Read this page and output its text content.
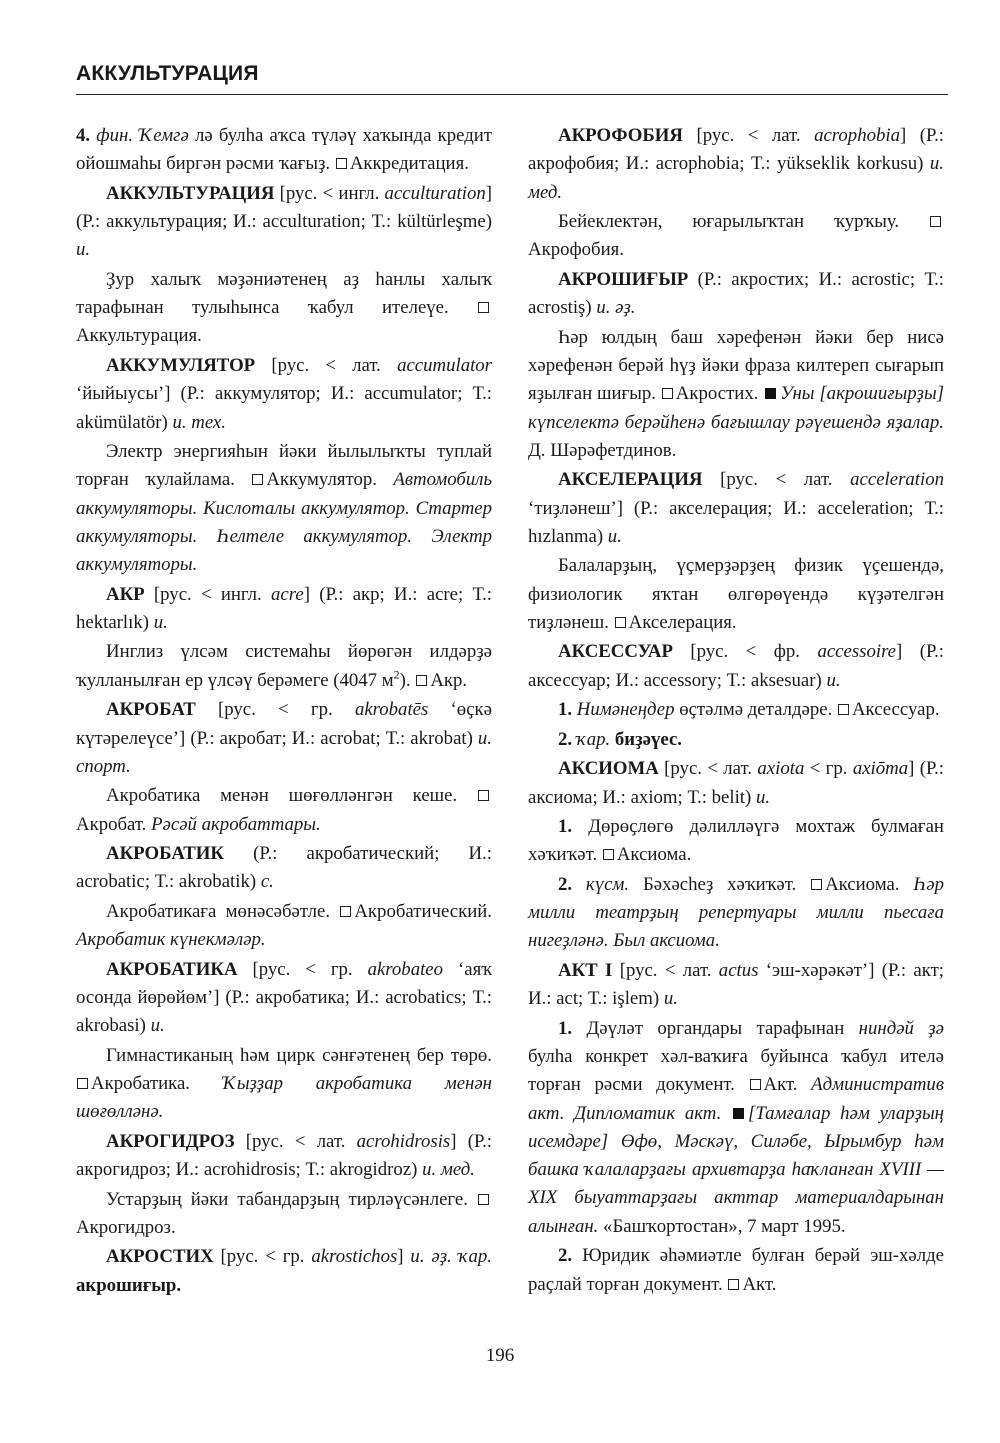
АККУЛЬТУРАЦИЯ

4. фин. Ҡемгә лә булһа аҡса түләү хаҡында кредит ойошмаһы биргән рәсми ҡағыҙ. Аккредитация.

АККУЛЬТУРАЦИЯ [рус. < ингл. acculturation] (Р.: аккультурация; И.: acculturation; Т.: kültürleşme) и.

Ҙур халыҡ мәҙәниәтенең аҙ һанлы халыҡ тарафынан тулыһынса ҡабул ителеүе. Аккультурация.

АККУМУЛЯТОР [рус. < лат. accumulator ‘йыйыусы’] (Р.: аккумулятор; И.: accumulator; Т.: akümülatör) и. тех.

Электр энергияһын йәки йылылыҡты туплай торған ҡулайлама. Аккумулятор. Автомобиль аккумуляторы. Кислоталы аккумулятор. Стартер аккумуляторы. Һелтеле аккумулятор. Электр аккумуляторы.

АКР [рус. < ингл. acre] (Р.: акр; И.: acre; Т.: hektarlık) и.

Инглиз үлсәм системаһы йөрөгән илдәрҙә ҡулланылған ер үлсәү берәмеге (4047 $м^2$). Акр.

АКРОБАТ [рус. < гр. akrobatēs ‘өҫкә күтәрелеүсе’] (Р.: акробат; И.: acrobat; Т.: akrobat) и. спорт.

Акробатика менән шөғөлләнгән кеше. Акробат. Рәсәй акробаттары.

АКРОБАТИК (Р.: акробатический; И.: acrobatic; Т.: akrobatik) с.

Акробатикаға мөнәсәбәтле. Акробатический. Акробатик күнекмәләр.

АКРОБАТИКА [рус. < гр. akrobateo ‘аяҡ осонда йөрөйөм’] (Р.: акробатика; И.: acrobatics; Т.: akrobasi) и.

Гимнастиканың һәм цирк сәнғәтенең бер төрө. Акробатика. Ҡыҙҙар акробатика менән шөғөлләнә.

АКРОГИДРОЗ [рус. < лат. acrohidrosis] (Р.: акрогидроз; И.: acrohidrosis; Т.: akrogidroz) и. мед.

Устарҙың йәки табандарҙың тирләүсәнлеге. Акрогидроз.

АКРОСТИХ [рус. < гр. akrostichos] и. әҙ. ҡар. акрошиғыр.

АКРОФОБИЯ [рус. < лат. acrophobia] (Р.: акрофобия; И.: acrophobia; Т.: yükseklik korkusu) и. мед.

Бейеклектән, юғарылыҡтан ҡурҡыу. Акрофобия.

АКРОШИҒЫР (Р.: акростих; И.: acrostic; Т.: acrostiş) и. әҙ.

Һәр юлдың баш хәрефенән йәки бер нисә хәрефенән берәй һүҙ йәки фраза килтереп сығарып яҙылған шиғыр. Акростих. Уны [акрошиғырҙы] күпселектә берәйһенә бағышлау рәүешендә яҙалар. Д. Шәрәфетдинов.

АКСЕЛЕРАЦИЯ [рус. < лат. acceleration ‘тиҙләнеш’] (Р.: акселерация; И.: acceleration; Т.: hızlanma) и.

Балаларҙың, үҫмерҙәрҙең физик үҫешендә, физиологик яҡтан өлгөрөүендә күҙәтелгән тиҙләнеш. Акселерация.

АКСЕССУАР [рус. < фр. accessoire] (Р.: аксессуар; И.: accessory; Т.: aksesuar) и.

1. Нимәнеңдер өҫтәлмә деталдәре. Аксессуар.

2. ҡар. биҙәүес.

АКСИОМА [рус. < лат. axiota < гр. axiōma] (Р.: аксиома; И.: axiom; Т.: belit) и.

1. Дөрөҫлөгө дәлилләүгә мохтаж булмаған хәҡиҡәт. Аксиома.

2. күсм. Бәхәсһеҙ хәҡиҡәт. Аксиома. Һәр милли театрҙың репертуары милли пьесаға нигеҙләнә. Был аксиома.

АКТ I [рус. < лат. actus ‘эш-хәрәкәт’] (Р.: акт; И.: act; Т.: işlem) и.

1. Дәүләт органдары тарафынан ниндәй ҙә булһа конкрет хәл-ваҡиға буйынса ҡабул ителә торған рәсми документ. Акт. Административ акт. Дипломатик акт. [Тамғалар һәм уларҙың исемдәре] Өфө, Мәскәү, Силәбе, Ырымбур һәм башка ҡалаларҙағы архивтарҙа һаҡланған XVIII — XIX быуаттарҙағы акттар материалдарынан алынған. «Башҡортостан», 7 март 1995.

2. Юридик әһәмиәтле булған берәй эш-хәлде раҫлай торған документ. Акт.

196
